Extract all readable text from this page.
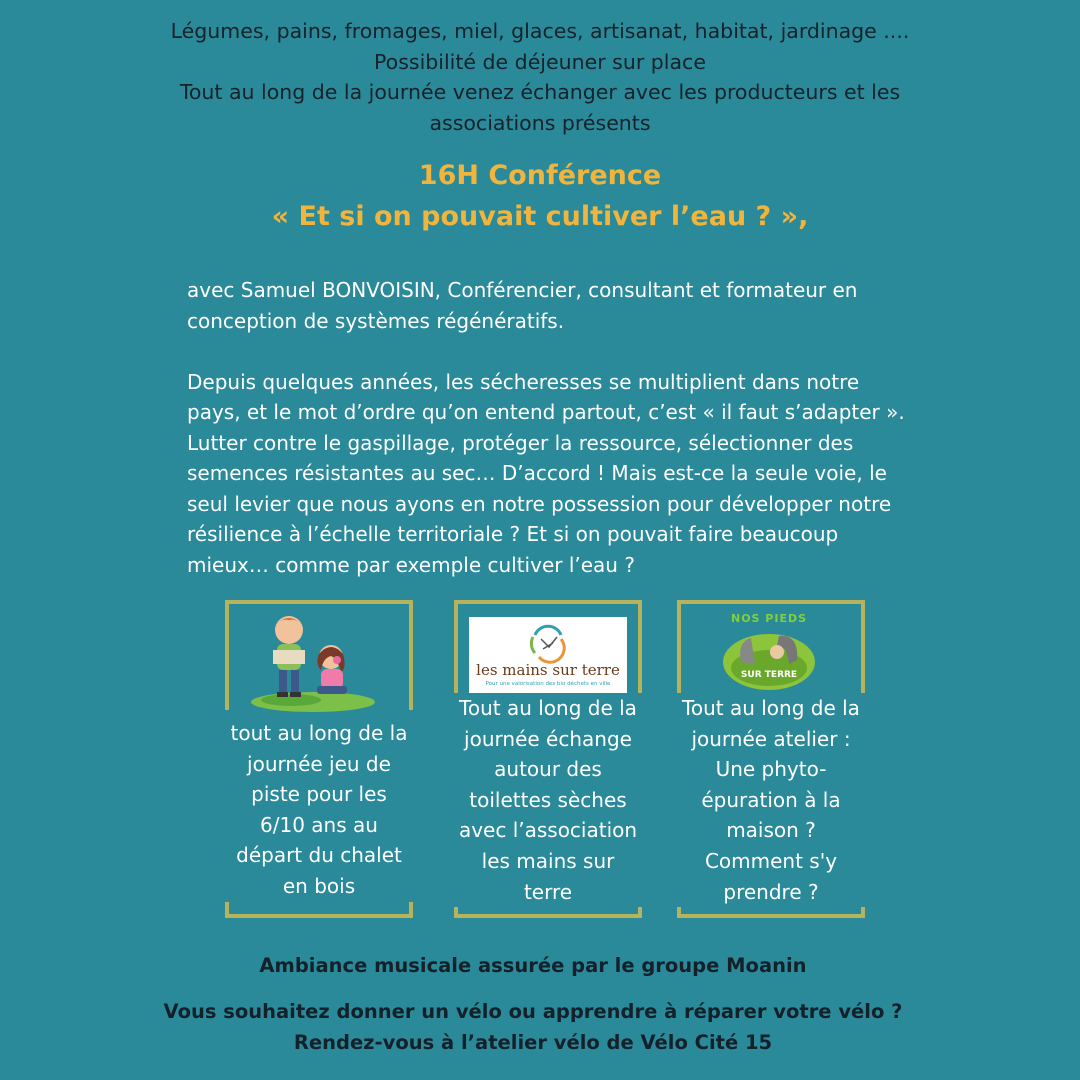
Légumes, pains, fromages, miel, glaces, artisanat, habitat, jardinage ....
Possibilité de déjeuner sur place
Tout au long de la journée venez échanger avec les producteurs et les
associations présents
16H Conférence
« Et si on pouvait cultiver l’eau ? »,

avec Samuel BONVOISIN, Conférencier, consultant et formateur en conception de systèmes régénératifs.

Depuis quelques années, les sécheresses se multiplient dans notre pays, et le mot d’ordre qu’on entend partout, c’est « il faut s’adapter ». Lutter contre le gaspillage, protéger la ressource, sélectionner des semences résistantes au sec… D’accord ! Mais est-ce la seule voie, le seul levier que nous ayons en notre possession pour développer notre résilience à l’échelle territoriale ? Et si on pouvait faire beaucoup mieux… comme par exemple cultiver l’eau ?

tout au long de la journée jeu de piste pour les 6/10 ans au départ du chalet en bois
les mains sur terre
Pour une valorisation des bio déchets en ville
Tout au long de la journée échange autour des toilettes sèches avec l’association les mains sur terre
NOS PIEDS
SUR TERRE
Tout au long de la journée atelier : Une phyto-épuration à la maison ? Comment s'y prendre ?
Ambiance musicale assurée par le groupe Moanin
Vous souhaitez donner un vélo ou apprendre à réparer votre vélo ? Rendez-vous à l’atelier vélo de Vélo Cité 15
